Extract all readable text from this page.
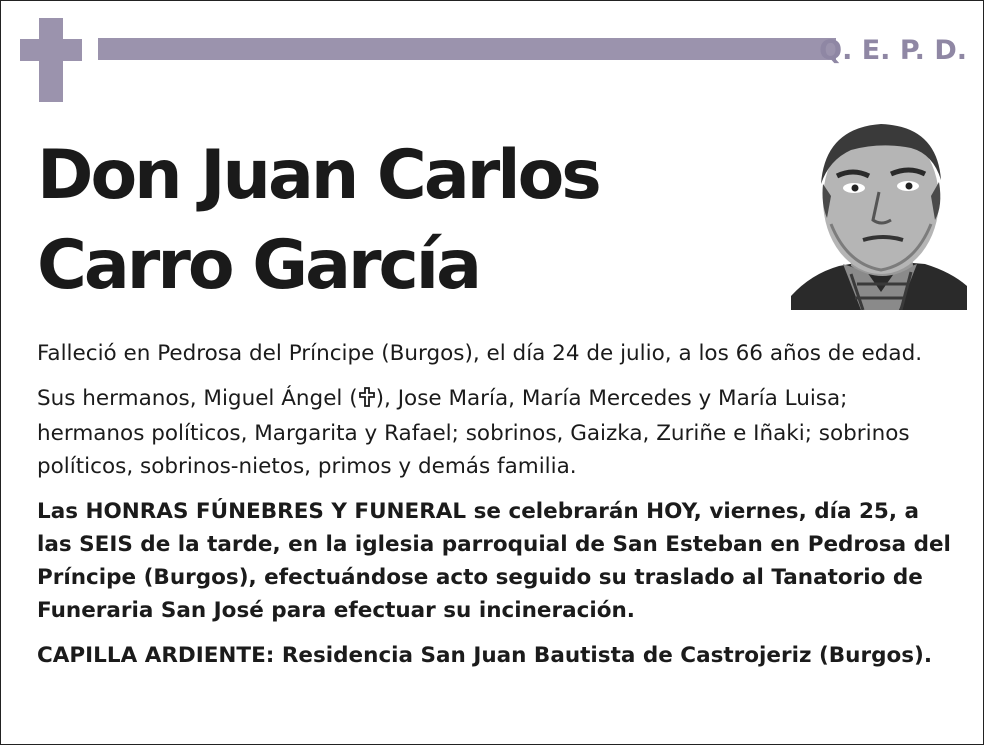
Q. E. P. D.
Don Juan Carlos
Carro García

Falleció en Pedrosa del Príncipe (Burgos), el día 24 de julio, a los 66 años de edad.

Sus hermanos, Miguel Ángel ( ), Jose María, María Mercedes y María Luisa; hermanos políticos, Margarita y Rafael; sobrinos, Gaizka, Zuriñe e Iñaki; sobrinos políticos, sobrinos-nietos, primos y demás familia.

Las HONRAS FÚNEBRES Y FUNERAL se celebrarán HOY, viernes, día 25, a las SEIS de la tarde, en la iglesia parroquial de San Esteban en Pedrosa del Príncipe (Burgos), efectuándose acto seguido su traslado al Tanatorio de Funeraria San José para efectuar su incineración.

CAPILLA ARDIENTE: Residencia San Juan Bautista de Castrojeriz (Burgos).
